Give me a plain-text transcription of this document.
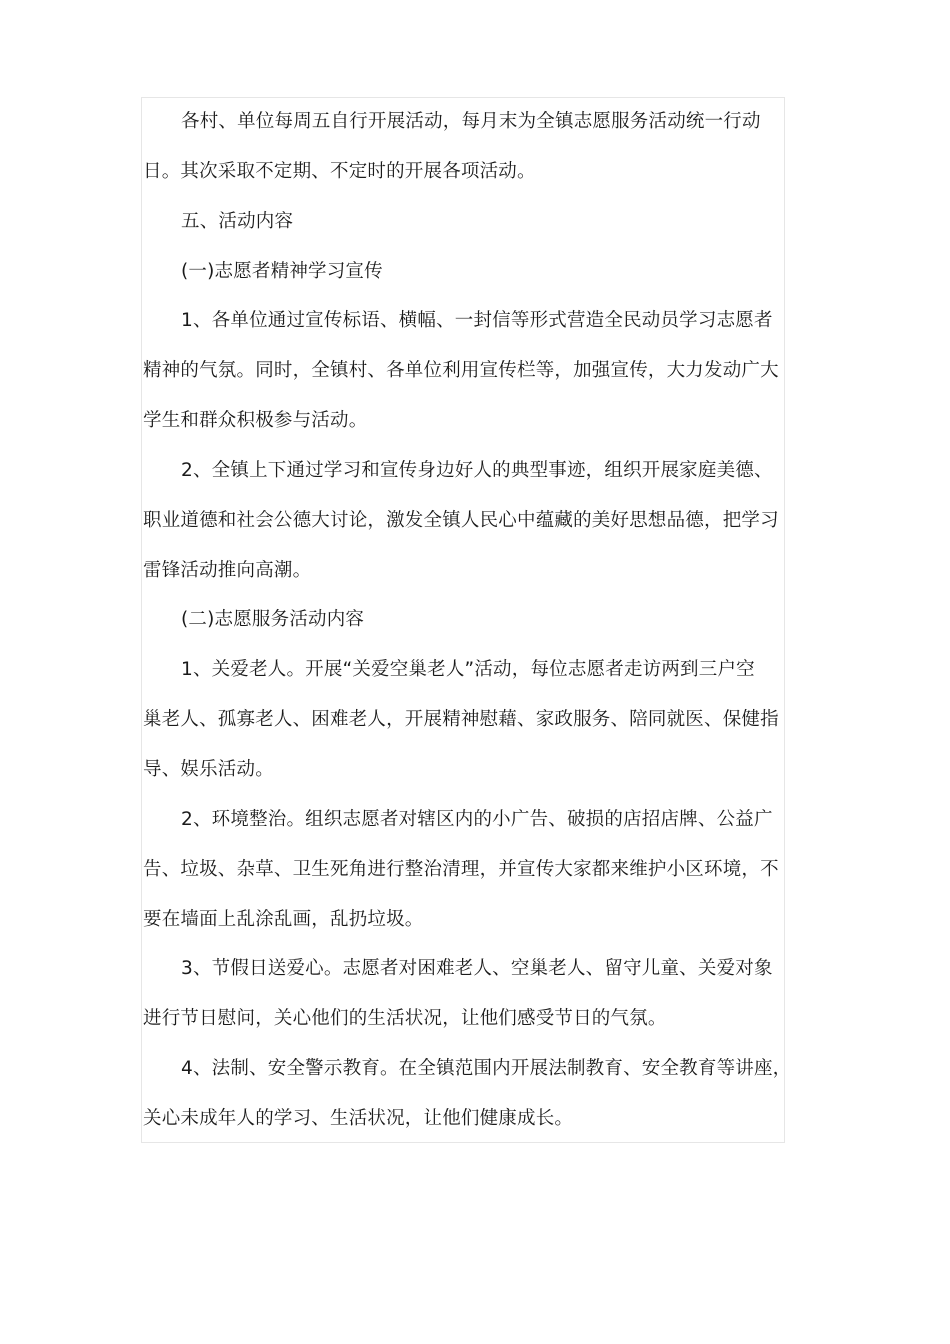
各村、单位每周五自行开展活动，每月末为全镇志愿服务活动统一行动
日。其次采取不定期、不定时的开展各项活动。
五、活动内容
(一)志愿者精神学习宣传
1、各单位通过宣传标语、横幅、一封信等形式营造全民动员学习志愿者
精神的气氛。同时，全镇村、各单位利用宣传栏等，加强宣传，大力发动广大
学生和群众积极参与活动。
2、全镇上下通过学习和宣传身边好人的典型事迹，组织开展家庭美德、
职业道德和社会公德大讨论，激发全镇人民心中蕴藏的美好思想品德，把学习
雷锋活动推向高潮。
(二)志愿服务活动内容
1、关爱老人。开展“关爱空巢老人”活动，每位志愿者走访两到三户空
巢老人、孤寡老人、困难老人，开展精神慰藉、家政服务、陪同就医、保健指
导、娱乐活动。
2、环境整治。组织志愿者对辖区内的小广告、破损的店招店牌、公益广
告、垃圾、杂草、卫生死角进行整治清理，并宣传大家都来维护小区环境，不
要在墙面上乱涂乱画，乱扔垃圾。
3、节假日送爱心。志愿者对困难老人、空巢老人、留守儿童、关爱对象
进行节日慰问，关心他们的生活状况，让他们感受节日的气氛。
4、法制、安全警示教育。在全镇范围内开展法制教育、安全教育等讲座，
关心未成年人的学习、生活状况，让他们健康成长。
